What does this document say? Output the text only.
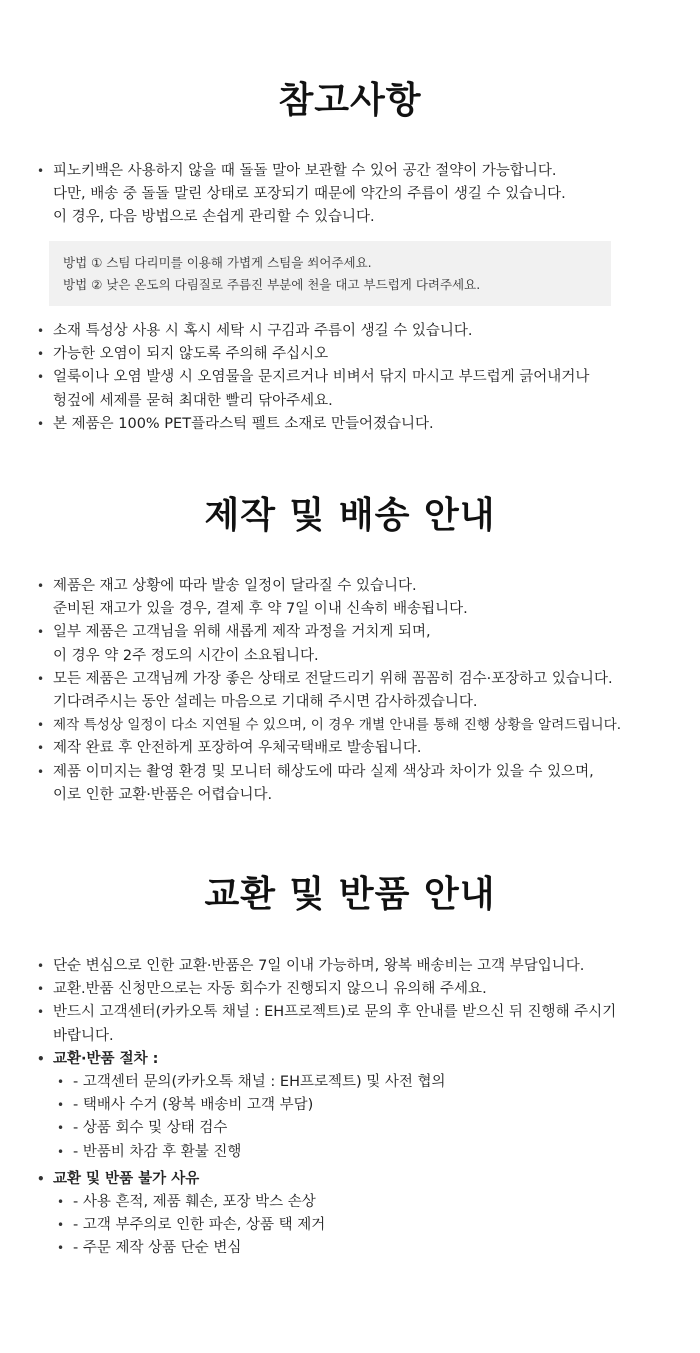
참고사항
• 피노키백은 사용하지 않을 때 돌돌 말아 보관할 수 있어 공간 절약이 가능합니다.
다만, 배송 중 돌돌 말린 상태로 포장되기 때문에 약간의 주름이 생길 수 있습니다.
이 경우, 다음 방법으로 손쉽게 관리할 수 있습니다.
방법 ① 스팀 다리미를 이용해 가볍게 스팀을 쐬어주세요.
방법 ② 낮은 온도의 다림질로 주름진 부분에 천을 대고 부드럽게 다려주세요.
• 소재 특성상 사용 시 혹시 세탁 시 구김과 주름이 생길 수 있습니다.
• 가능한 오염이 되지 않도록 주의해 주십시오
• 얼룩이나 오염 발생 시 오염물을 문지르거나 비벼서 닦지 마시고 부드럽게 긁어내거나
헝겊에 세제를 묻혀 최대한 빨리 닦아주세요.
• 본 제품은 100% PET플라스틱 펠트 소재로 만들어졌습니다.
제작 및 배송 안내
• 제품은 재고 상황에 따라 발송 일정이 달라질 수 있습니다.
준비된 재고가 있을 경우, 결제 후 약 7일 이내 신속히 배송됩니다.
• 일부 제품은 고객님을 위해 새롭게 제작 과정을 거치게 되며,
이 경우 약 2주 정도의 시간이 소요됩니다.
• 모든 제품은 고객님께 가장 좋은 상태로 전달드리기 위해 꼼꼼히 검수·포장하고 있습니다.
기다려주시는 동안 설레는 마음으로 기대해 주시면 감사하겠습니다.
• 제작 특성상 일정이 다소 지연될 수 있으며, 이 경우 개별 안내를 통해 진행 상황을 알려드립니다.
• 제작 완료 후 안전하게 포장하여 우체국택배로 발송됩니다.
• 제품 이미지는 촬영 환경 및 모니터 해상도에 따라 실제 색상과 차이가 있을 수 있으며,
이로 인한 교환·반품은 어렵습니다.
교환 및 반품 안내
• 단순 변심으로 인한 교환·반품은 7일 이내 가능하며, 왕복 배송비는 고객 부담입니다.
• 교환.반품 신청만으로는 자동 회수가 진행되지 않으니 유의해 주세요.
• 반드시 고객센터(카카오톡 채널 : EH프로젝트)로 문의 후 안내를 받으신 뒤 진행해 주시기
바랍니다.
• 교환·반품 절차 :
• - 고객센터 문의(카카오톡 채널 : EH프로젝트) 및 사전 협의
• - 택배사 수거 (왕복 배송비 고객 부담)
• - 상품 회수 및 상태 검수
• - 반품비 차감 후 환불 진행
• 교환 및 반품 불가 사유
• - 사용 흔적, 제품 훼손, 포장 박스 손상
• - 고객 부주의로 인한 파손, 상품 택 제거
• - 주문 제작 상품 단순 변심
